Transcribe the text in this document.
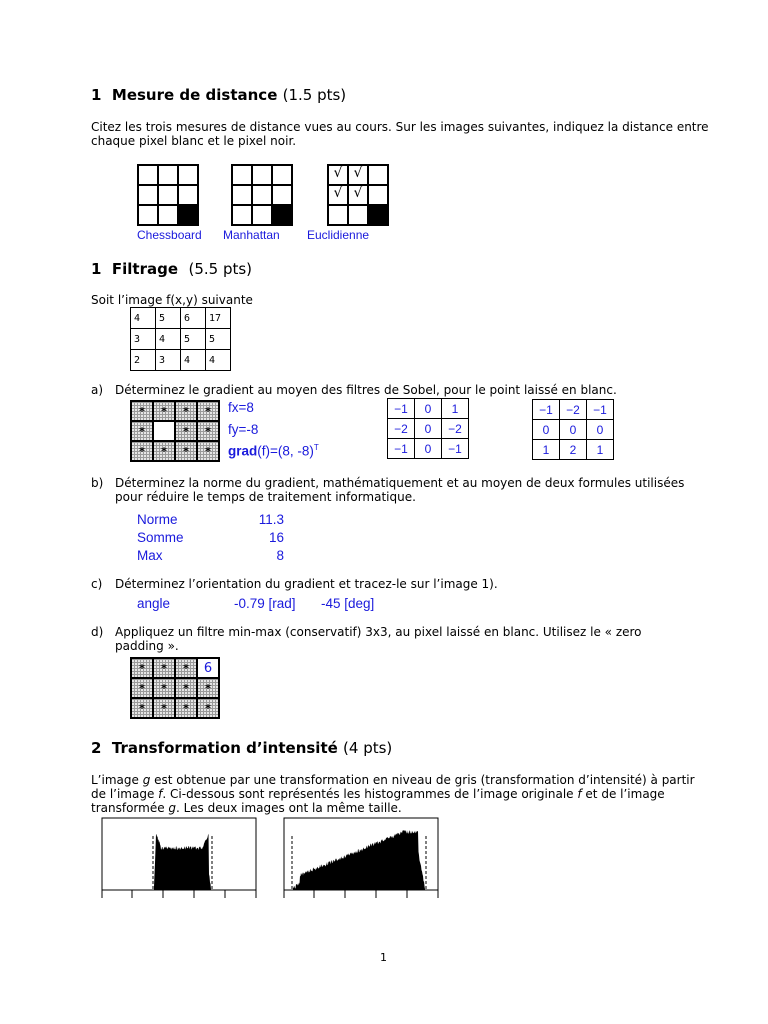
1 Mesure de distance (1.5 pts)
Citez les trois mesures de distance vues au cours. Sur les images suivantes, indiquez la distance entre
chaque pixel blanc et le pixel noir.

√	√	
√	√	

Chessboard Manhattan Euclidienne
1 Filtrage (5.5 pts)
Soit l’image f(x,y) suivante
4	5	6	17
3	4	5	5
2	3	4	4
a) Déterminez le gradient au moyen des filtres de Sobel, pour le point laissé en blanc.
*	*	*	*
*		*	*
*	*	*	*
fx=8
fy=-8
grad(f)=(8, -8)$^T$
−1	0	1
−2	0	−2
−1	0	−1
−1	−2	−1
0	0	0
1	2	1
b) Déterminez la norme du gradient, mathématiquement et au moyen de deux formules utilisées
pour réduire le temps de traitement informatique.
Norme	11.3
Somme	16
Max	8
c) Déterminez l’orientation du gradient et tracez-le sur l’image 1).
angle	-0.79 [rad] -45 [deg]
d) Appliquez un filtre min-max (conservatif) 3x3, au pixel laissé en blanc. Utilisez le « zero
padding ».
*	*	*	6
*	*	*	*
*	*	*	*
2 Transformation d’intensité (4 pts)
L’image g est obtenue par une transformation en niveau de gris (transformation d’intensité) à partir
de l’image f. Ci-dessous sont représentés les histogrammes de l’image originale f et de l’image
transformée g. Les deux images ont la même taille.
1
